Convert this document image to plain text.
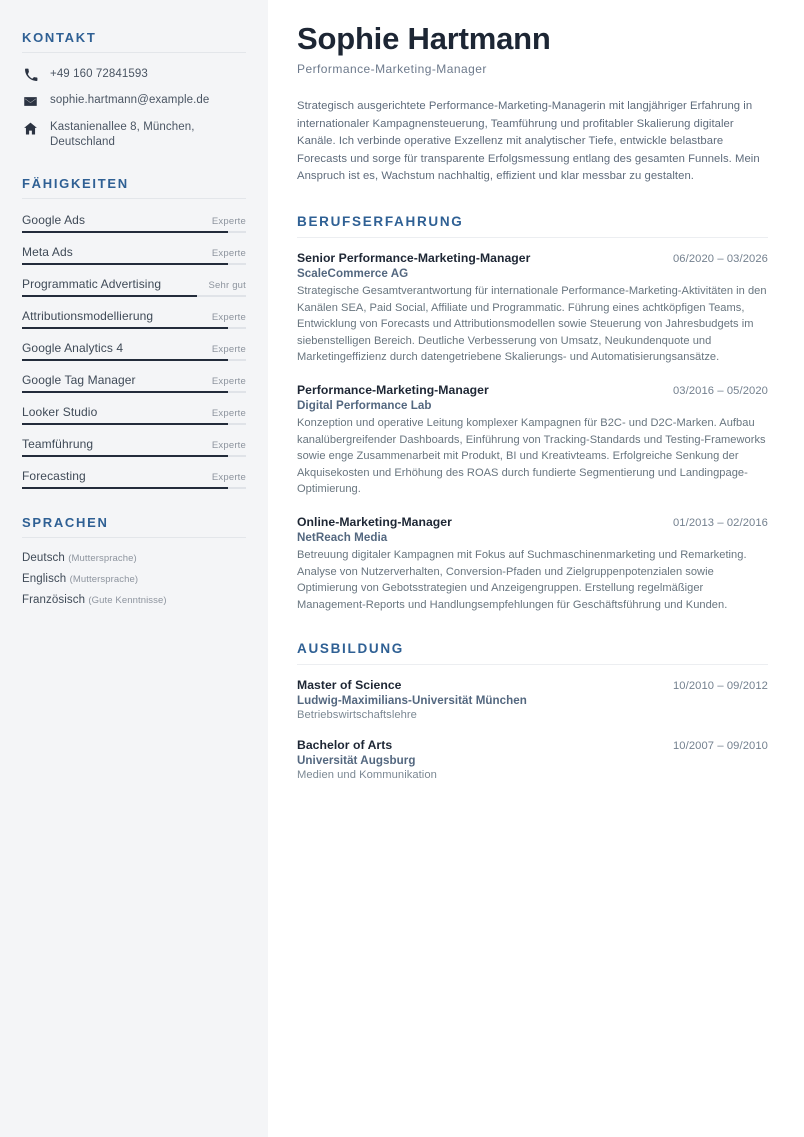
KONTAKT
+49 160 72841593
sophie.hartmann@example.de
Kastanienallee 8, München, Deutschland
FÄHIGKEITEN
Google Ads	Experte
Meta Ads	Experte
Programmatic Advertising	Sehr gut
Attributionsmodellierung	Experte
Google Analytics 4	Experte
Google Tag Manager	Experte
Looker Studio	Experte
Teamführung	Experte
Forecasting	Experte
SPRACHEN
Deutsch (Muttersprache)
Englisch (Muttersprache)
Französisch (Gute Kenntnisse)
Sophie Hartmann
Performance-Marketing-Manager

Strategisch ausgerichtete Performance-Marketing-Managerin mit langjähriger Erfahrung in internationaler Kampagnensteuerung, Teamführung und profitabler Skalierung digitaler Kanäle. Ich verbinde operative Exzellenz mit analytischer Tiefe, entwickle belastbare Forecasts und sorge für transparente Erfolgsmessung entlang des gesamten Funnels. Mein Anspruch ist es, Wachstum nachhaltig, effizient und klar messbar zu gestalten.

BERUFSERFAHRUNG
Senior Performance-Marketing-Manager	06/2020 – 03/2026
ScaleCommerce AG
Strategische Gesamtverantwortung für internationale Performance-Marketing-Aktivitäten in den Kanälen SEA, Paid Social, Affiliate und Programmatic. Führung eines achtköpfigen Teams, Entwicklung von Forecasts und Attributionsmodellen sowie Steuerung von Jahresbudgets im siebenstelligen Bereich. Deutliche Verbesserung von Umsatz, Neukundenquote und Marketingeffizienz durch datengetriebene Skalierungs- und Automatisierungsansätze.
Performance-Marketing-Manager	03/2016 – 05/2020
Digital Performance Lab
Konzeption und operative Leitung komplexer Kampagnen für B2C- und D2C-Marken. Aufbau kanalübergreifender Dashboards, Einführung von Tracking-Standards und Testing-Frameworks sowie enge Zusammenarbeit mit Produkt, BI und Kreativteams. Erfolgreiche Senkung der Akquisekosten und Erhöhung des ROAS durch fundierte Segmentierung und Landingpage-Optimierung.
Online-Marketing-Manager	01/2013 – 02/2016
NetReach Media
Betreuung digitaler Kampagnen mit Fokus auf Suchmaschinenmarketing und Remarketing. Analyse von Nutzerverhalten, Conversion-Pfaden und Zielgruppenpotenzialen sowie Optimierung von Gebotsstrategien und Anzeigengruppen. Erstellung regelmäßiger Management-Reports und Handlungsempfehlungen für Geschäftsführung und Kunden.
AUSBILDUNG
Master of Science	10/2010 – 09/2012
Ludwig-Maximilians-Universität München
Betriebswirtschaftslehre
Bachelor of Arts	10/2007 – 09/2010
Universität Augsburg
Medien und Kommunikation
